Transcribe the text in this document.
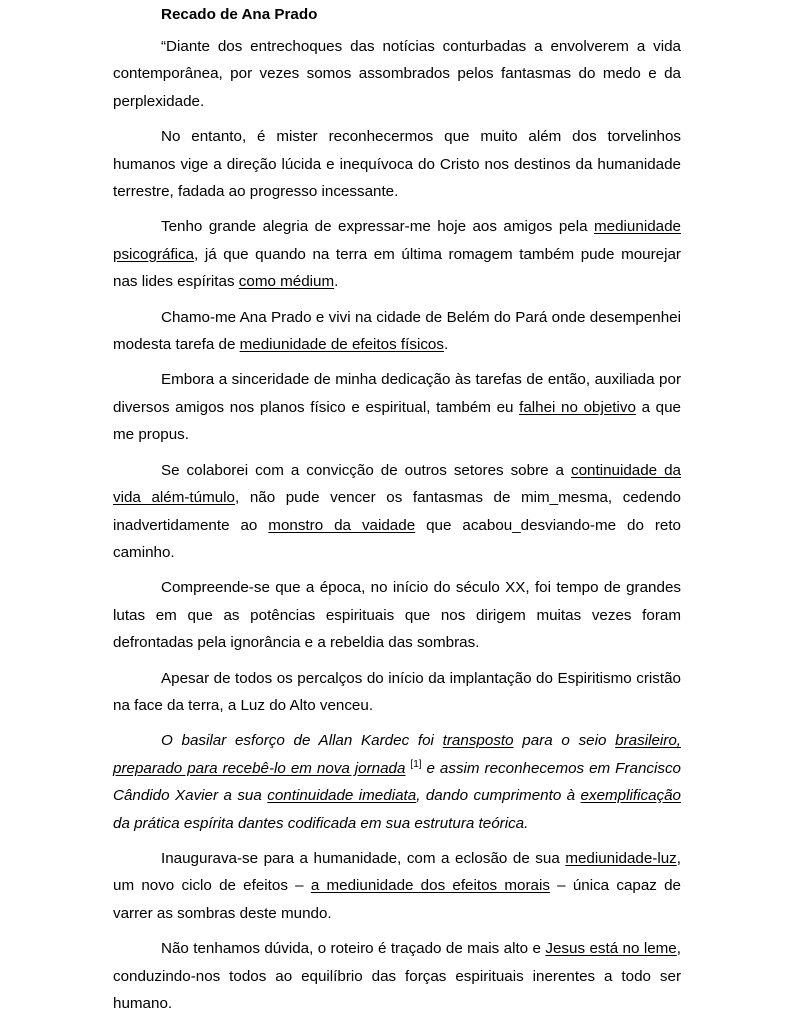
Recado de Ana Prado

“Diante dos entrechoques das notícias conturbadas a envolverem a vida contemporânea, por vezes somos assombrados pelos fantasmas do medo e da perplexidade.

No entanto, é mister reconhecermos que muito além dos torvelinhos humanos vige a direção lúcida e inequívoca do Cristo nos destinos da humanidade terrestre, fadada ao progresso incessante.

Tenho grande alegria de expressar-me hoje aos amigos pela mediunidade psicográfica, já que quando na terra em última romagem também pude mourejar nas lides espíritas como médium.

Chamo-me Ana Prado e vivi na cidade de Belém do Pará onde desempenhei modesta tarefa de mediunidade de efeitos físicos.

Embora a sinceridade de minha dedicação às tarefas de então, auxiliada por diversos amigos nos planos físico e espiritual, também eu falhei no objetivo a que me propus.

Se colaborei com a convicção de outros setores sobre a continuidade da vida além-túmulo, não pude vencer os fantasmas de mim_mesma, cedendo inadvertidamente ao monstro da vaidade que acabou_desviando-me do reto caminho.

Compreende-se que a época, no início do século XX, foi tempo de grandes lutas em que as potências espirituais que nos dirigem muitas vezes foram defrontadas pela ignorância e a rebeldia das sombras.

Apesar de todos os percalços do início da implantação do Espiritismo cristão na face da terra, a Luz do Alto venceu.

O basilar esforço de Allan Kardec foi transposto para o seio brasileiro, preparado para recebê-lo em nova jornada [1] e assim reconhecemos em Francisco Cândido Xavier a sua continuidade imediata, dando cumprimento à exemplificação da prática espírita dantes codificada em sua estrutura teórica.

Inaugurava-se para a humanidade, com a eclosão de sua mediunidade-luz, um novo ciclo de efeitos – a mediunidade dos efeitos morais – única capaz de varrer as sombras deste mundo.

Não tenhamos dúvida, o roteiro é traçado de mais alto e Jesus está no leme, conduzindo-nos todos ao equilíbrio das forças espirituais inerentes a todo ser humano.
